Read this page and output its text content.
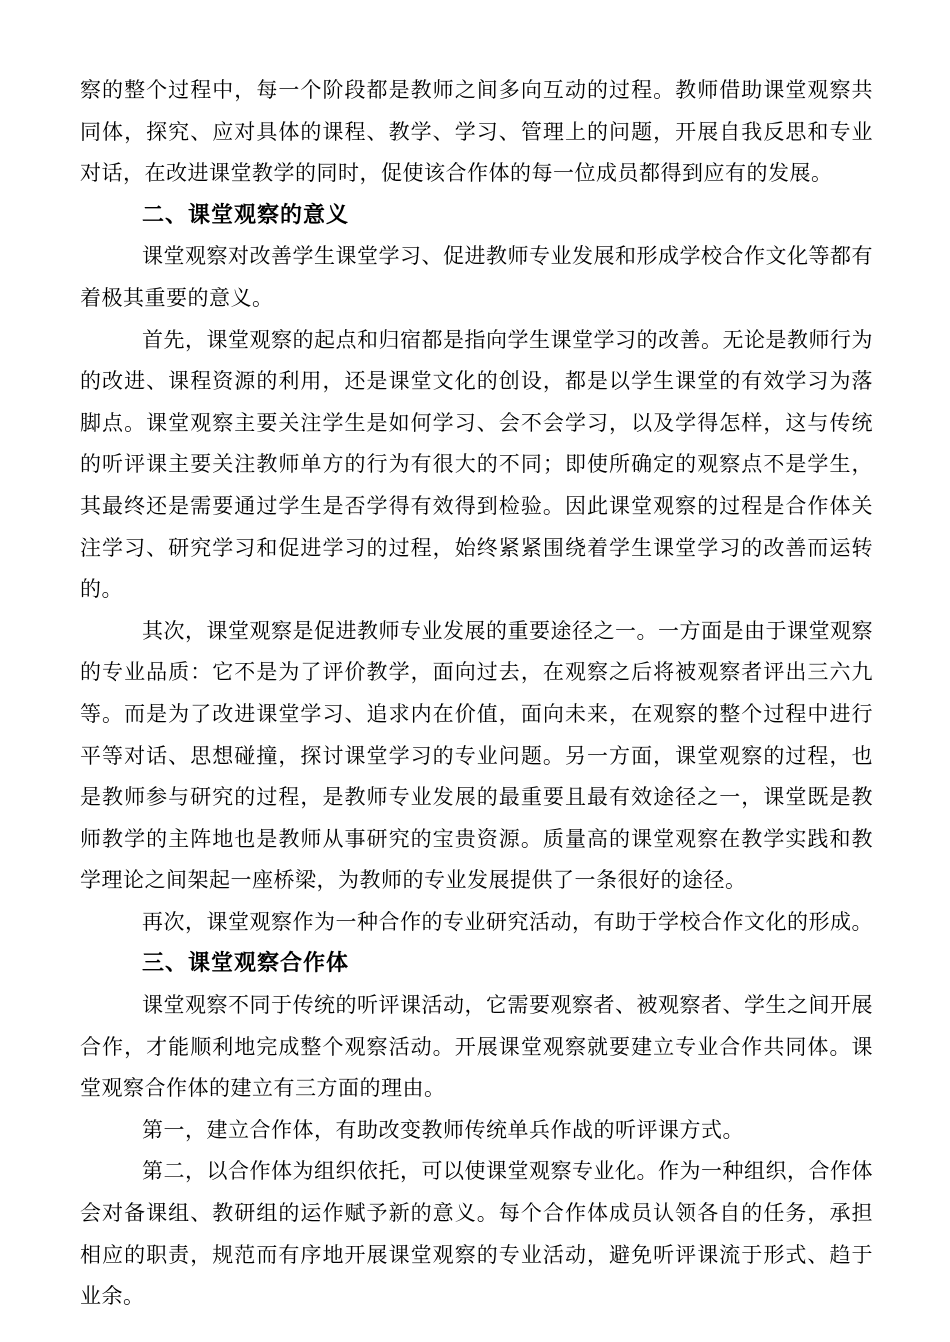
察的整个过程中，每一个阶段都是教师之间多向互动的过程。教师借助课堂观察共同体，探究、应对具体的课程、教学、学习、管理上的问题，开展自我反思和专业对话，在改进课堂教学的同时，促使该合作体的每一位成员都得到应有的发展。

二、课堂观察的意义

课堂观察对改善学生课堂学习、促进教师专业发展和形成学校合作文化等都有着极其重要的意义。

首先，课堂观察的起点和归宿都是指向学生课堂学习的改善。无论是教师行为的改进、课程资源的利用，还是课堂文化的创设，都是以学生课堂的有效学习为落脚点。课堂观察主要关注学生是如何学习、会不会学习，以及学得怎样，这与传统的听评课主要关注教师单方的行为有很大的不同；即使所确定的观察点不是学生，其最终还是需要通过学生是否学得有效得到检验。因此课堂观察的过程是合作体关注学习、研究学习和促进学习的过程，始终紧紧围绕着学生课堂学习的改善而运转的。

其次，课堂观察是促进教师专业发展的重要途径之一。一方面是由于课堂观察的专业品质：它不是为了评价教学，面向过去，在观察之后将被观察者评出三六九等。而是为了改进课堂学习、追求内在价值，面向未来，在观察的整个过程中进行平等对话、思想碰撞，探讨课堂学习的专业问题。另一方面，课堂观察的过程，也是教师参与研究的过程，是教师专业发展的最重要且最有效途径之一，课堂既是教师教学的主阵地也是教师从事研究的宝贵资源。质量高的课堂观察在教学实践和教学理论之间架起一座桥梁，为教师的专业发展提供了一条很好的途径。

再次，课堂观察作为一种合作的专业研究活动，有助于学校合作文化的形成。

三、课堂观察合作体

课堂观察不同于传统的听评课活动，它需要观察者、被观察者、学生之间开展合作，才能顺利地完成整个观察活动。开展课堂观察就要建立专业合作共同体。课堂观察合作体的建立有三方面的理由。

第一，建立合作体，有助改变教师传统单兵作战的听评课方式。

第二，以合作体为组织依托，可以使课堂观察专业化。作为一种组织，合作体会对备课组、教研组的运作赋予新的意义。每个合作体成员认领各自的任务，承担相应的职责，规范而有序地开展课堂观察的专业活动，避免听评课流于形式、趋于业余。
